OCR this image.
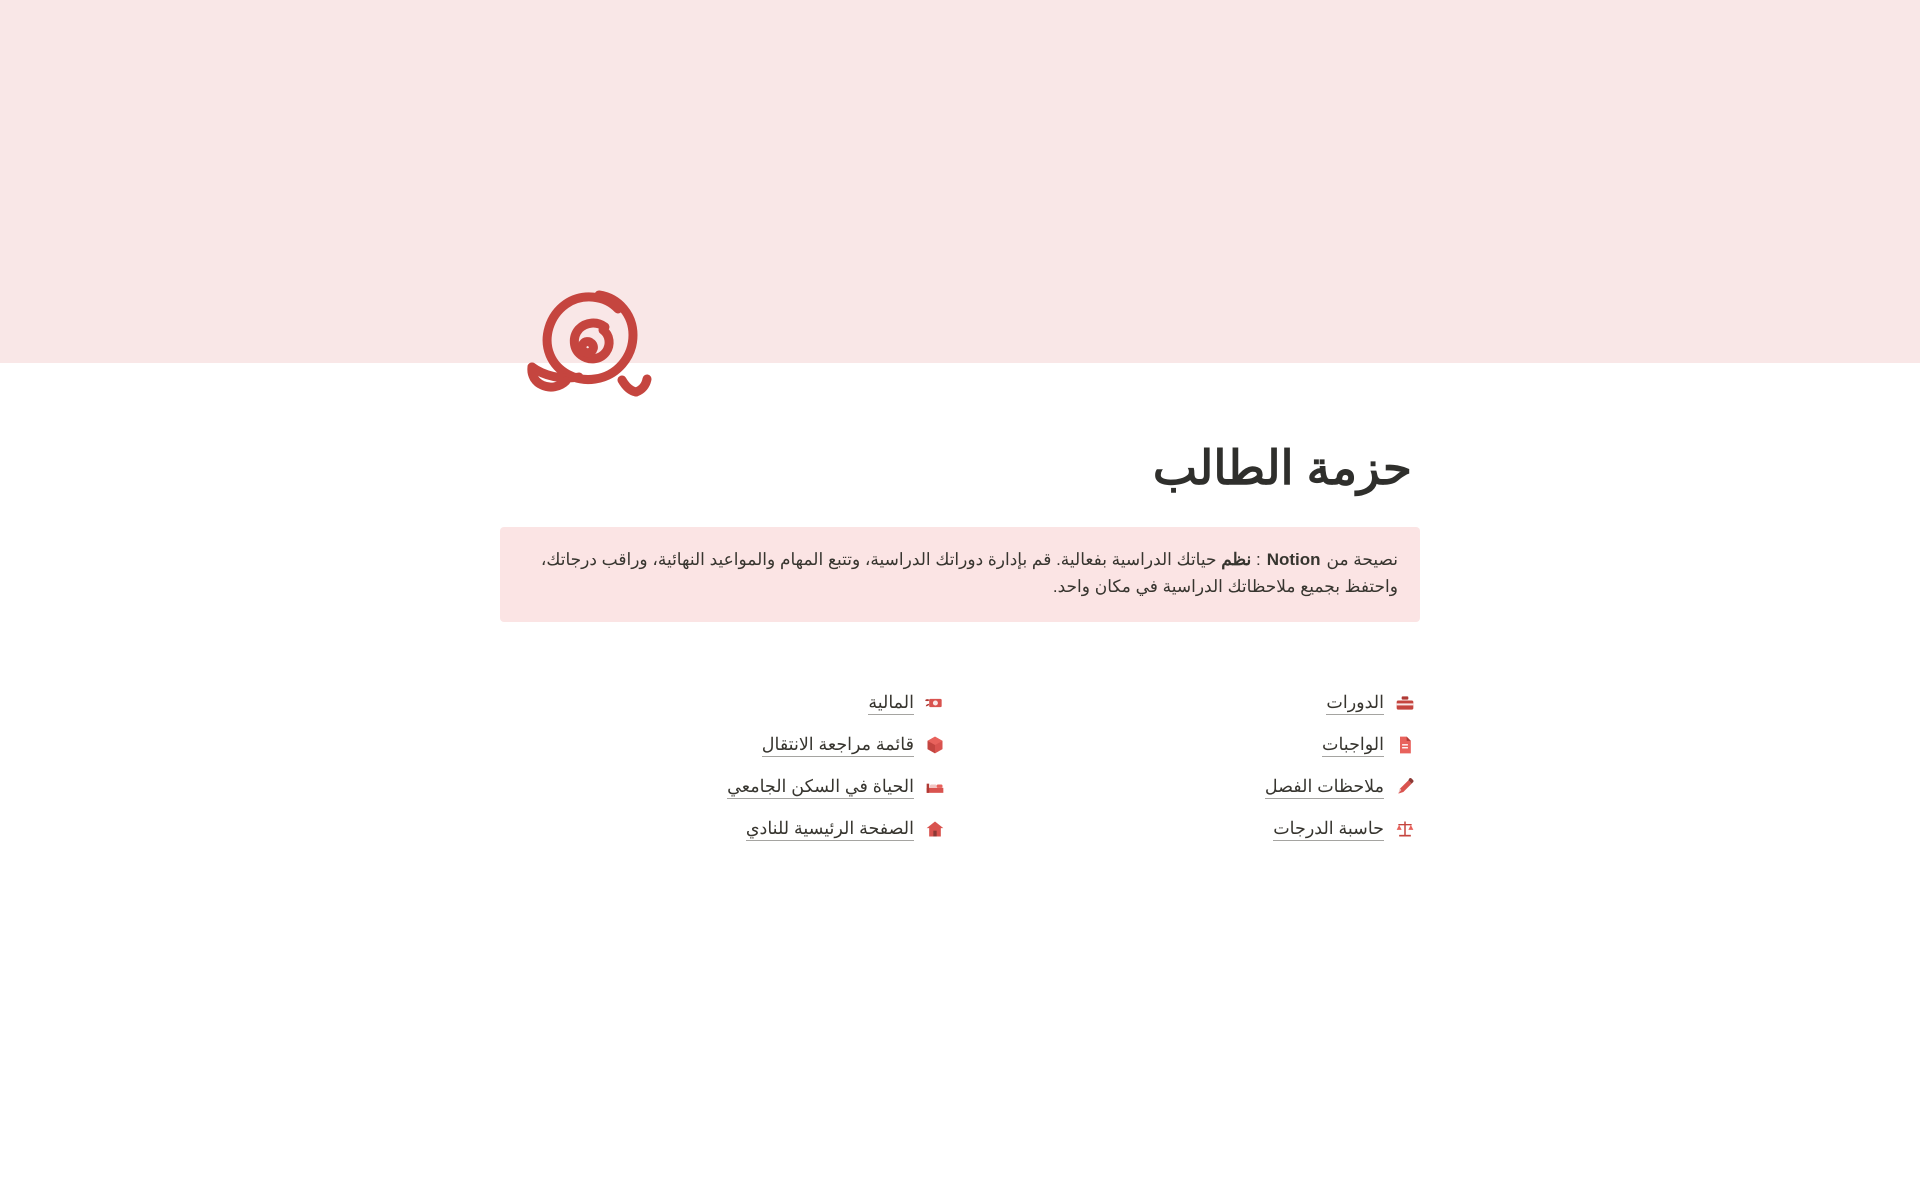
حزمة الطالب
نصيحة منNotion: نظم حياتك الدراسية بفعالية. قم بإدارة دوراتك الدراسية، وتتبع المهام والمواعيد النهائية، وراقب درجاتك، واحتفظ بجميع ملاحظاتك الدراسية في مكان واحد.
الدورات
الواجبات
ملاحظات الفصل
حاسبة الدرجات
المالية
قائمة مراجعة الانتقال
الحياة في السكن الجامعي
الصفحة الرئيسية للنادي
